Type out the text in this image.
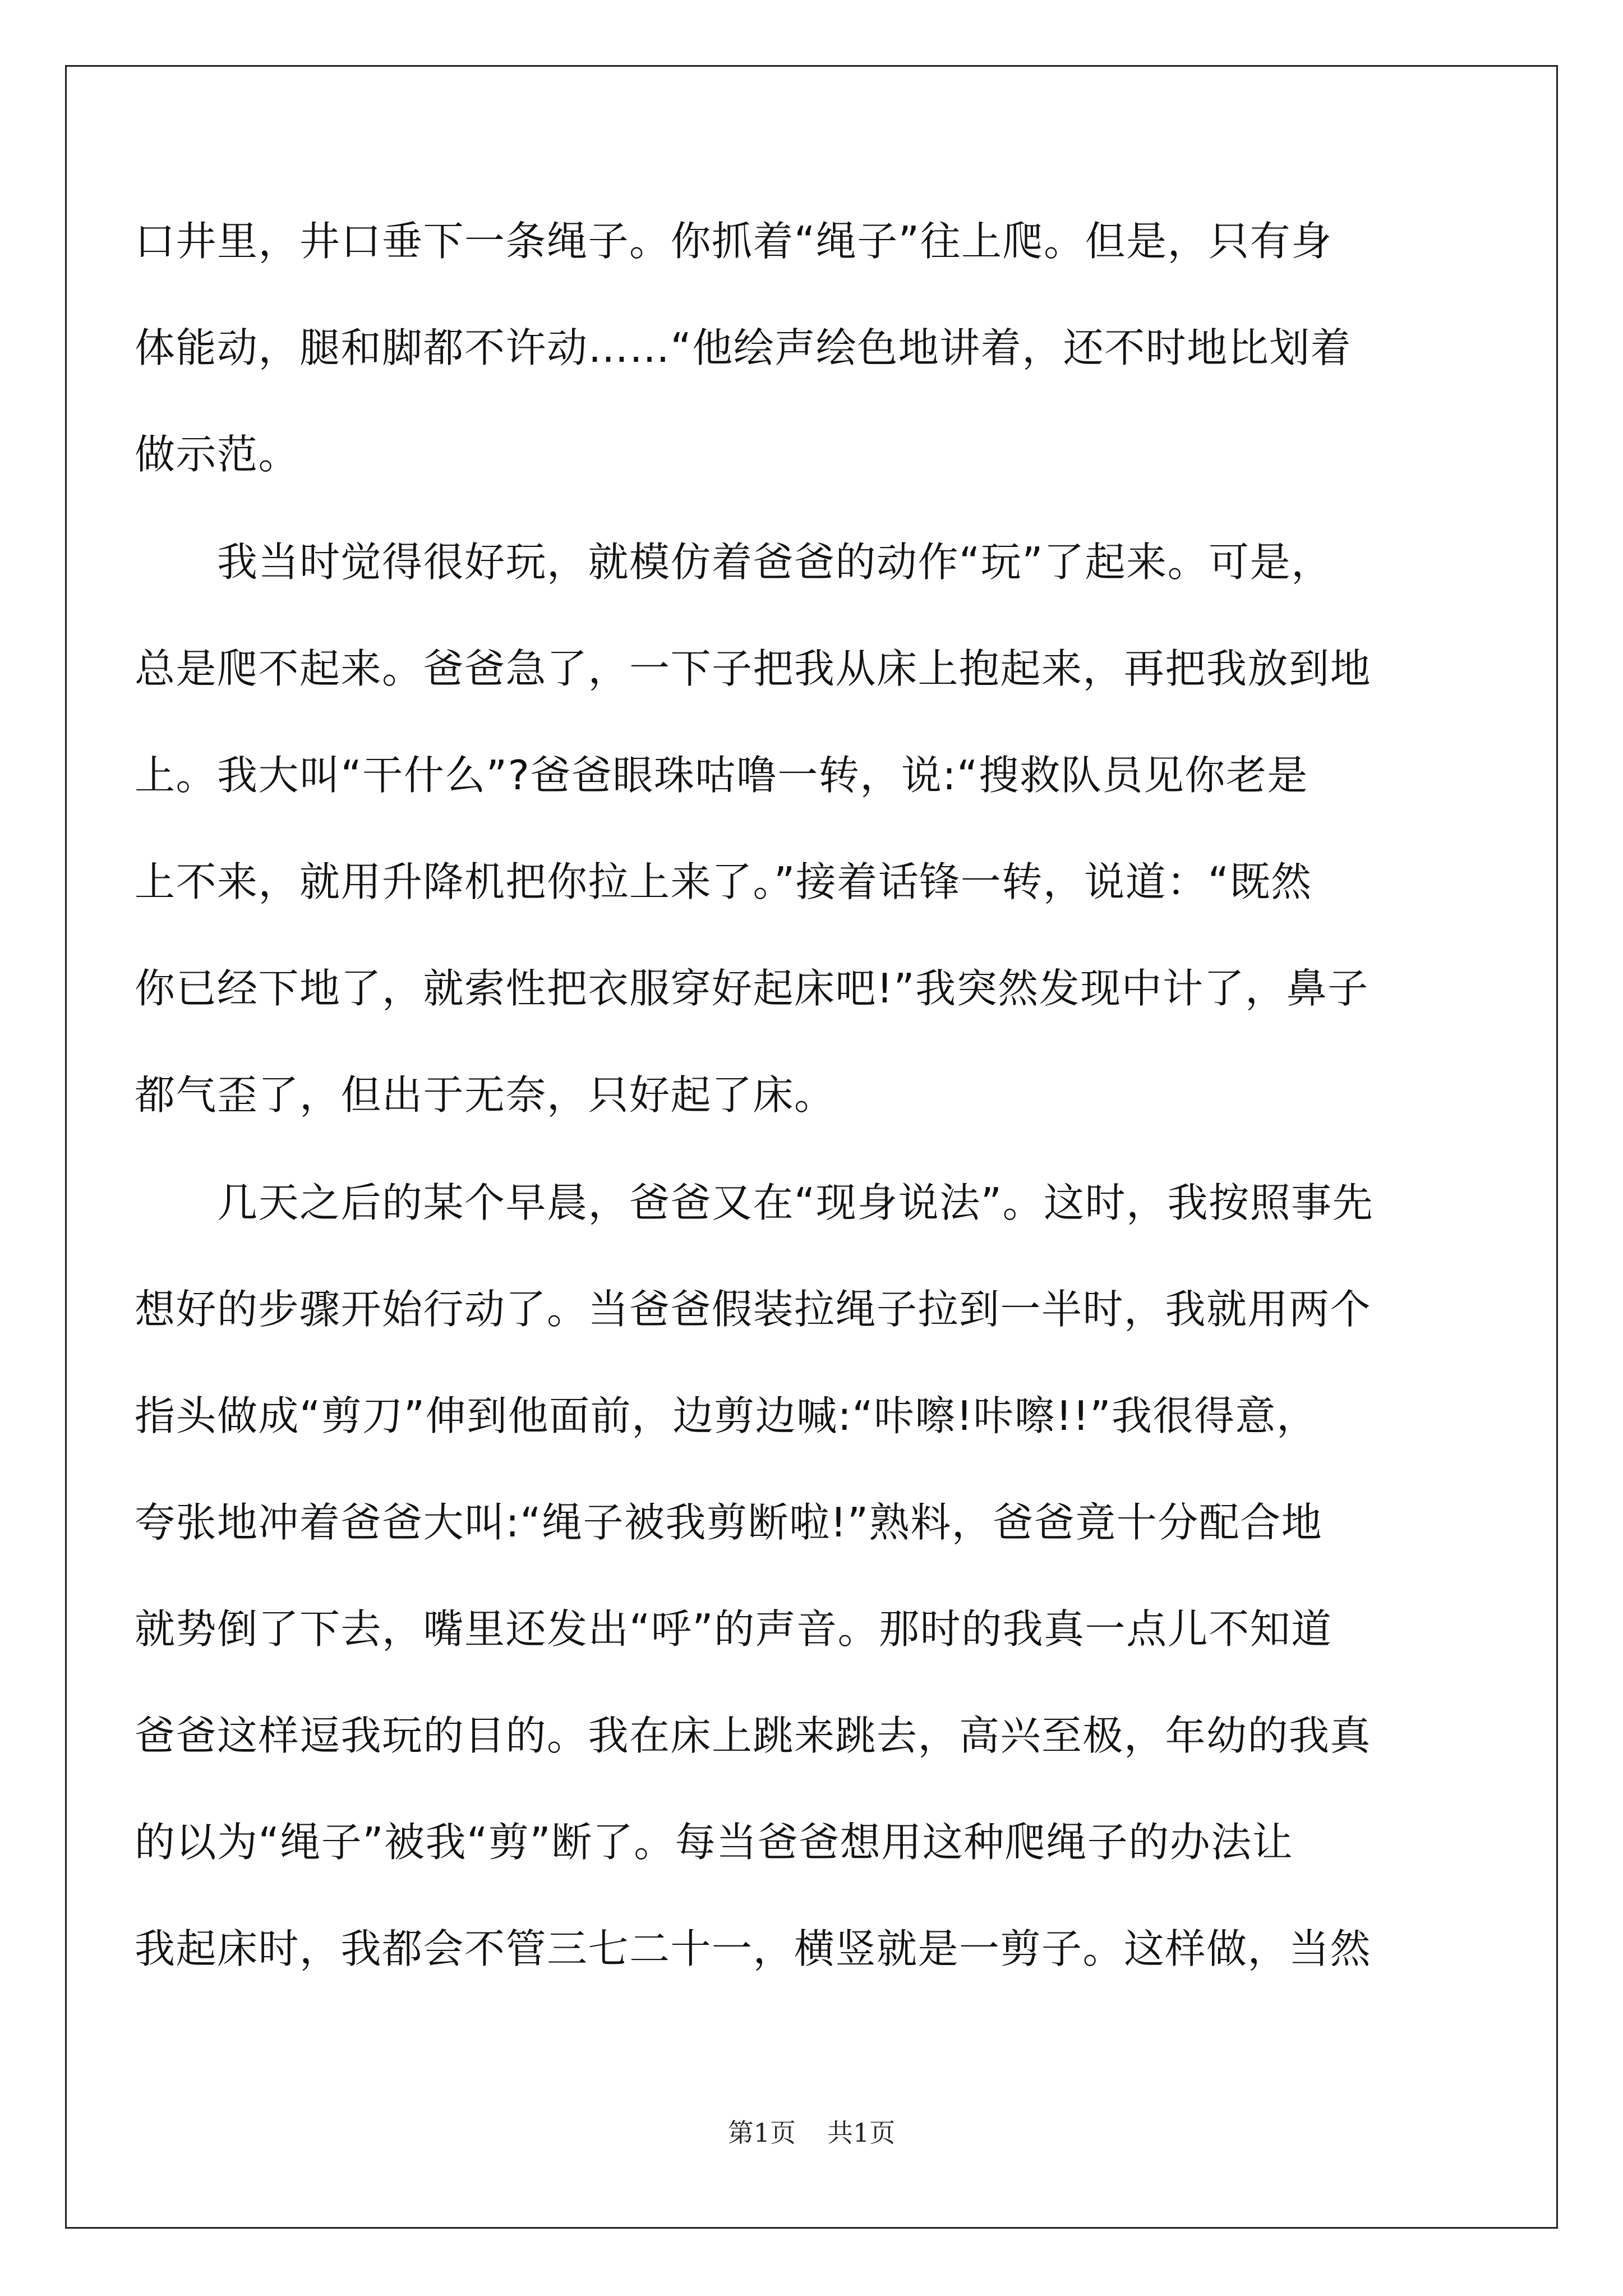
口井里，井口垂下一条绳子。你抓着“绳子”往上爬。但是，只有身
体能动，腿和脚都不许动……“他绘声绘色地讲着，还不时地比划着
做示范。
　　我当时觉得很好玩，就模仿着爸爸的动作“玩”了起来。可是，
总是爬不起来。爸爸急了，一下子把我从床上抱起来，再把我放到地
上。我大叫“干什么”?爸爸眼珠咕噜一转，说:“搜救队员见你老是
上不来，就用升降机把你拉上来了。”接着话锋一转，说道：“既然
你已经下地了，就索性把衣服穿好起床吧!”我突然发现中计了，鼻子
都气歪了，但出于无奈，只好起了床。
　　几天之后的某个早晨，爸爸又在“现身说法”。这时，我按照事先
想好的步骤开始行动了。当爸爸假装拉绳子拉到一半时，我就用两个
指头做成“剪刀”伸到他面前，边剪边喊:“咔嚓!咔嚓!!”我很得意，
夸张地冲着爸爸大叫:“绳子被我剪断啦!”熟料，爸爸竟十分配合地
就势倒了下去，嘴里还发出“呼”的声音。那时的我真一点儿不知道
爸爸这样逗我玩的目的。我在床上跳来跳去，高兴至极，年幼的我真
的以为“绳子”被我“剪”断了。每当爸爸想用这种爬绳子的办法让
我起床时，我都会不管三七二十一，横竖就是一剪子。这样做，当然
第1页 共1页
